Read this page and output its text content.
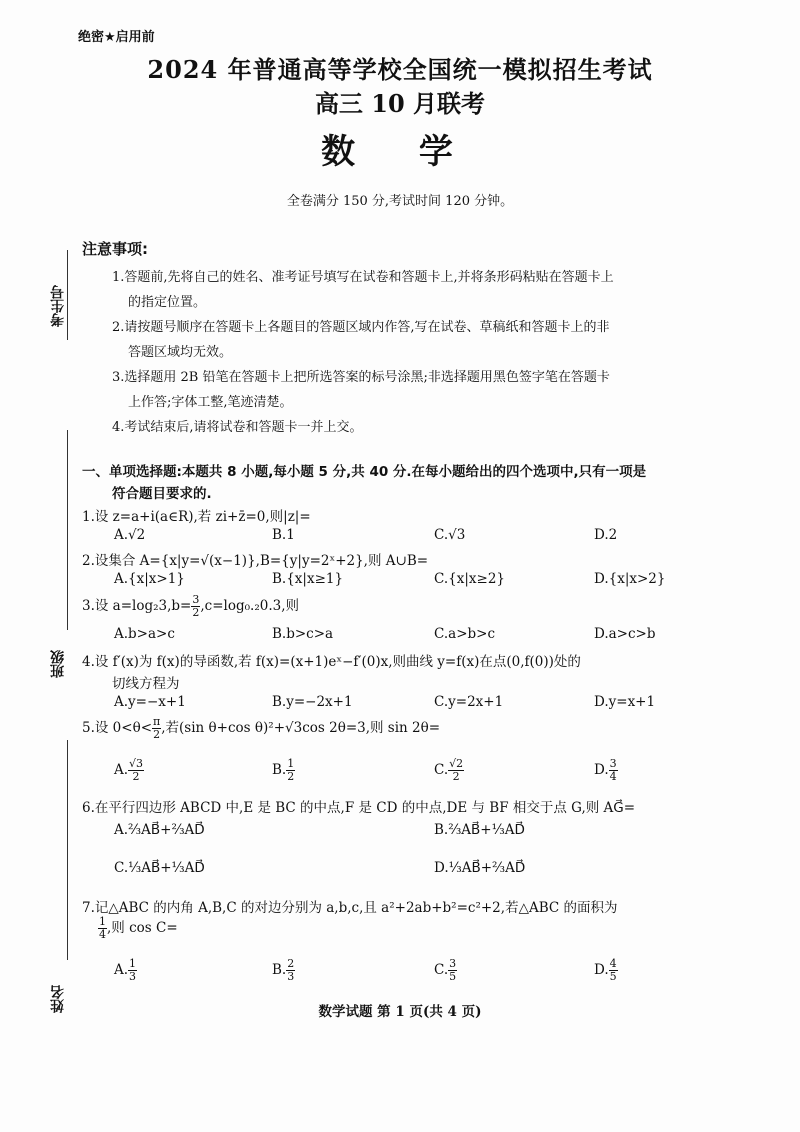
考生号
班级
姓名
绝密★启用前
2024 年普通高等学校全国统一模拟招生考试
高三 10 月联考
数 学
全卷满分 150 分,考试时间 120 分钟。
注意事项:
1.答题前,先将自己的姓名、准考证号填写在试卷和答题卡上,并将条形码粘贴在答题卡上
的指定位置。
2.请按题号顺序在答题卡上各题目的答题区域内作答,写在试卷、草稿纸和答题卡上的非
答题区域均无效。
3.选择题用 2B 铅笔在答题卡上把所选答案的标号涂黑;非选择题用黑色签字笔在答题卡
上作答;字体工整,笔迹清楚。
4.考试结束后,请将试卷和答题卡一并上交。
一、单项选择题:本题共 8 小题,每小题 5 分,共 40 分.在每小题给出的四个选项中,只有一项是
符合题目要求的.
1.设 z=a+i(a∈R),若 zi+z̄=0,则|z|=
A.√2	B.1	C.√3	D.2
2.设集合 A={x|y=√(x−1)},B={y|y=2ˣ+2},则 A∪B=
A.{x|x>1}	B.{x|x≥1}	C.{x|x≥2}	D.{x|x>2}
3.设 $a=\log_23,b= \frac{3}{2} ,c=\log_0._20.3$,则
A.b>a>c	B.b>c>a	C.a>b>c	D.a>c>b
4.设 f′(x)为 f(x)的导函数,若 f(x)=(x+1)eˣ−f′(0)x,则曲线 y=f(x)在点(0,f(0))处的
切线方程为
A.y=−x+1	B.y=−2x+1	C.y=2x+1	D.y=x+1
5.设 $0<\theta< \frac{\pi}{2}$ ,若(sin θ+cos θ)²+√3cos 2θ=3,则 sin 2θ=
A. $\frac{√3}{2}$	B. $\frac{1}{2}$	C. $\frac{√2}{2}$	D. $\frac{3}{4}$
6.在平行四边形 ABCD 中,E 是 BC 的中点,F 是 CD 的中点,DE 与 BF 相交于点 G,则 AG⃗=
A.⅔AB⃗+⅔AD⃗	B.⅔AB⃗+⅓AD⃗
C.⅓AB⃗+⅓AD⃗	D.⅓AB⃗+⅔AD⃗
7.记△ABC 的内角 A,B,C 的对边分别为 a,b,c,且 a²+2ab+b²=c²+2,若△ABC 的面积为
$\frac{1}{4}$ ,则 cos C=
A. $\frac{1}{3}$	B. $\frac{2}{3}$	C. $\frac{3}{5}$	D. $\frac{4}{5}$
数学试题 第 1 页(共 4 页)
